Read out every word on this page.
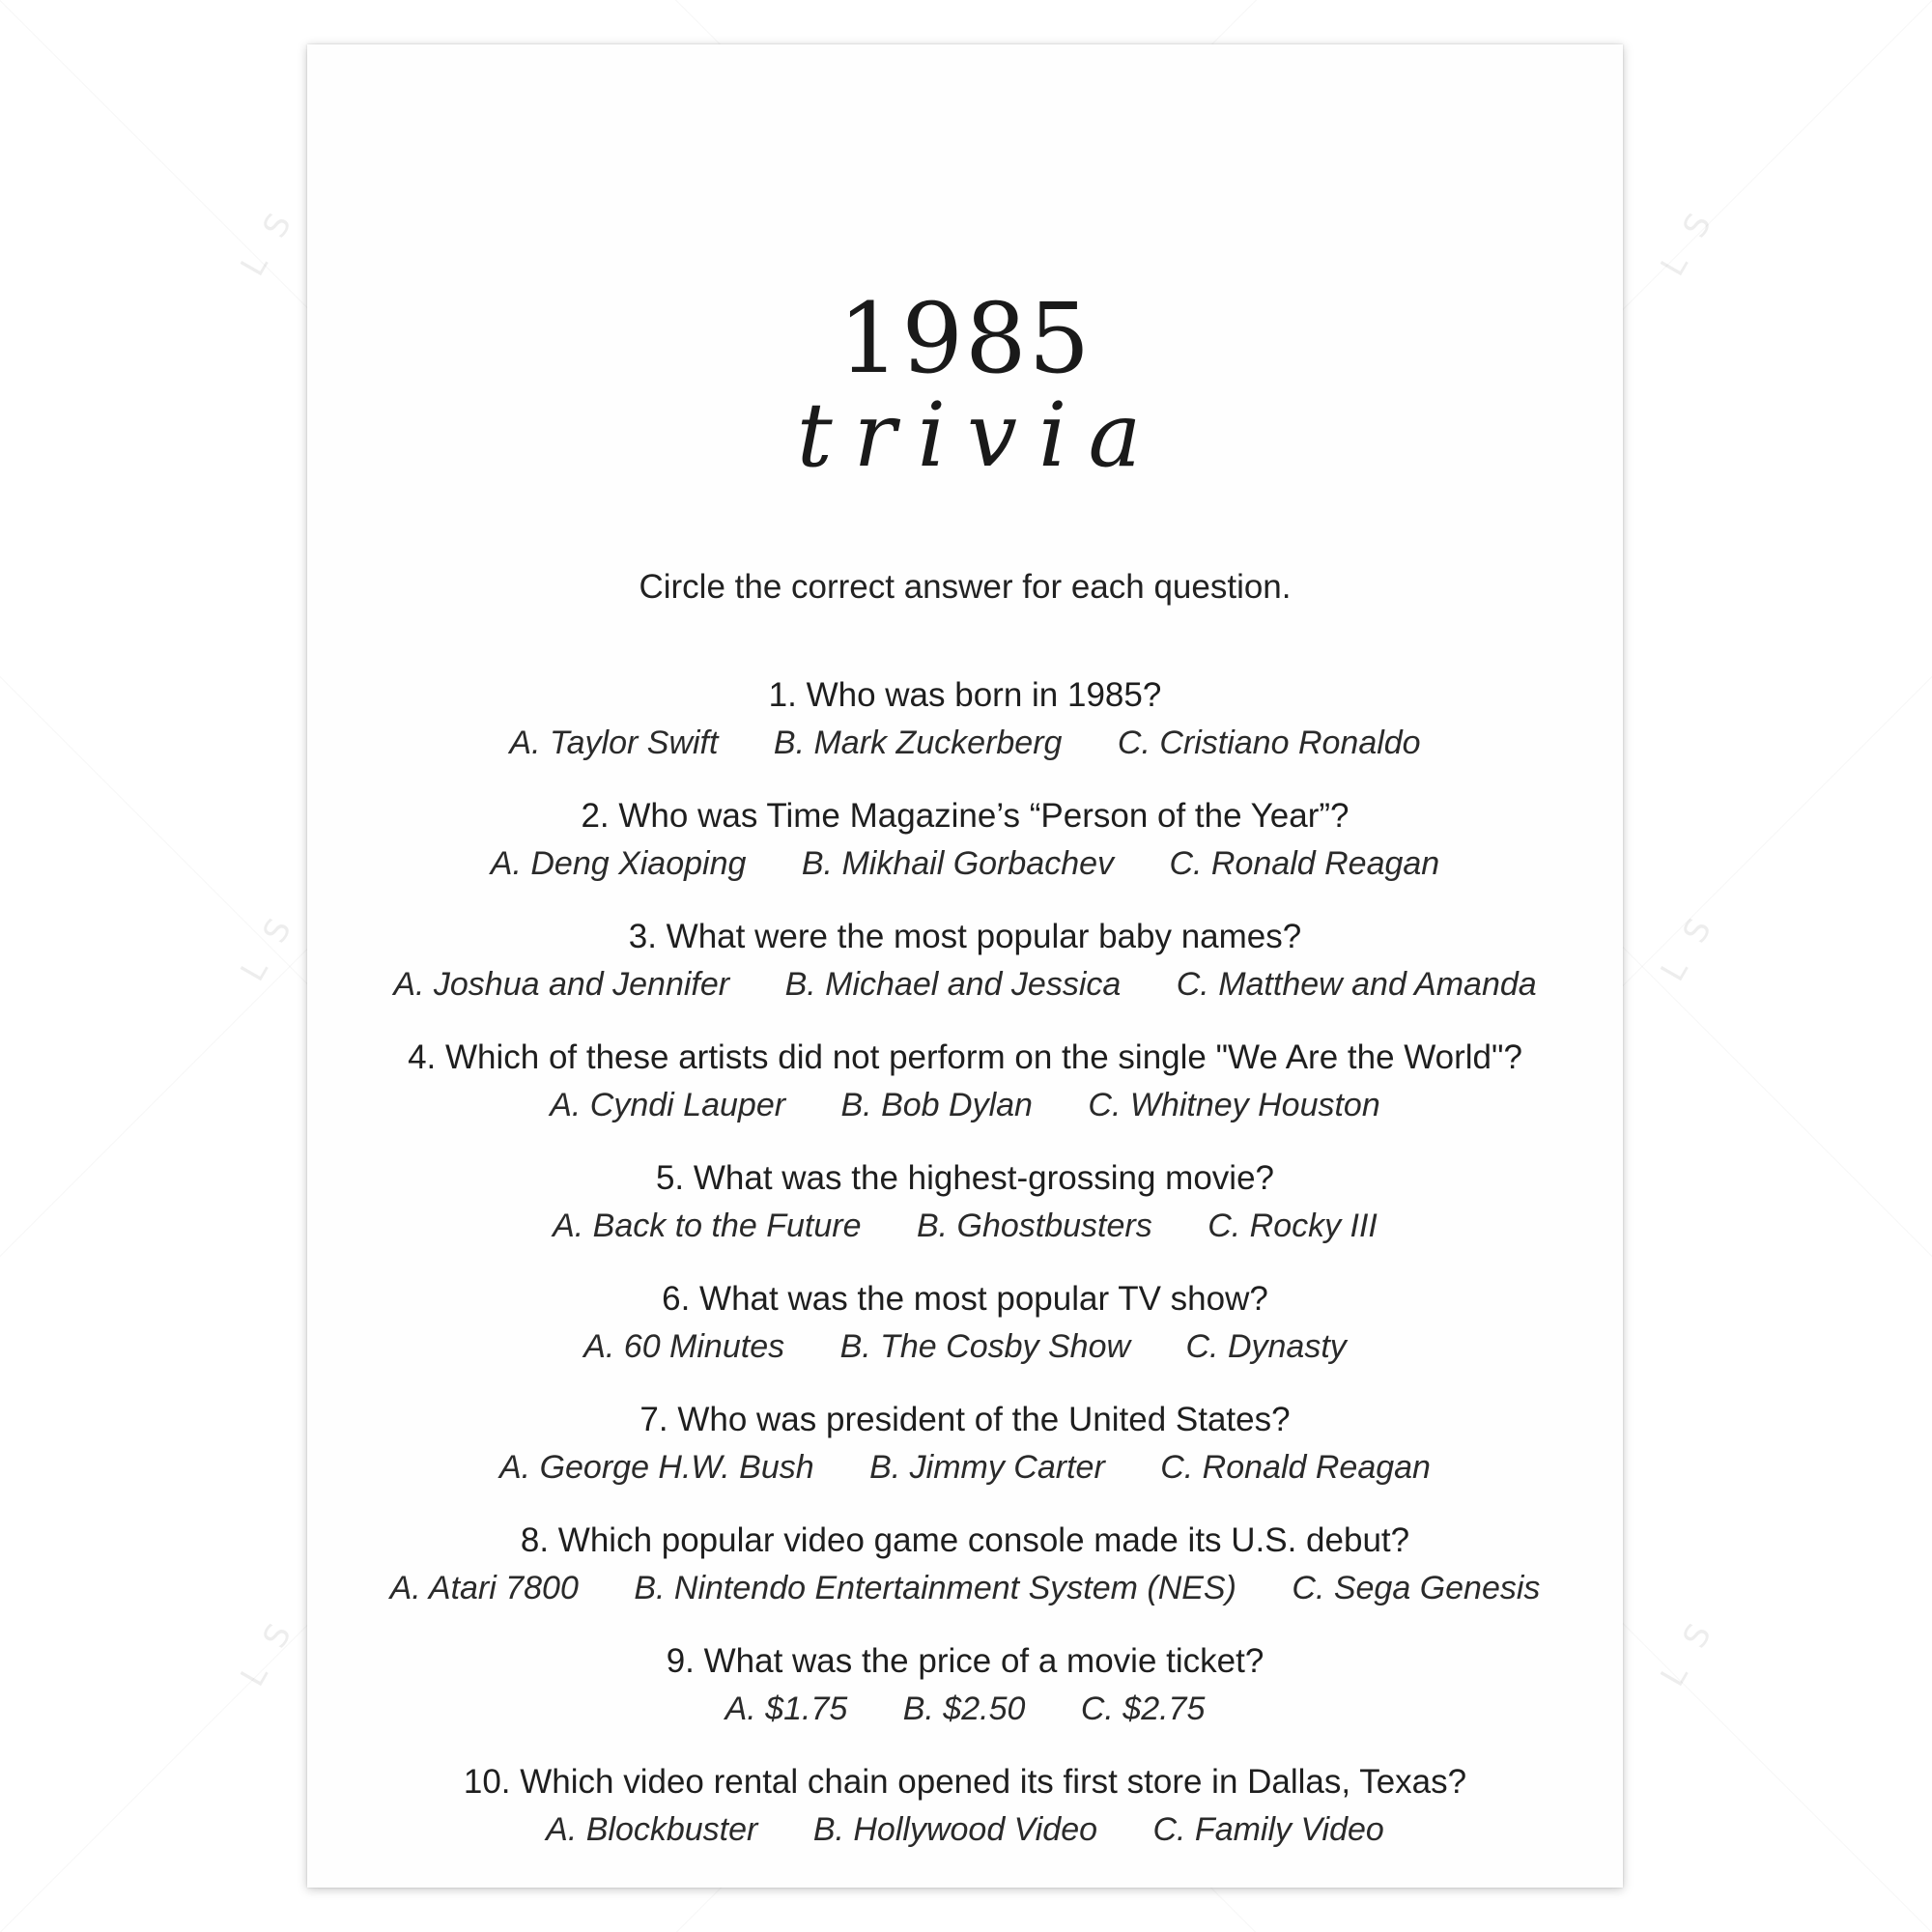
L S	L S
L S	L S
L S	L S
1985
trivia
Circle the correct answer for each question.
1. Who was born in 1985?
A. Taylor Swift B. Mark Zuckerberg C. Cristiano Ronaldo
2. Who was Time Magazine’s “Person of the Year”?
A. Deng Xiaoping B. Mikhail Gorbachev C. Ronald Reagan
3. What were the most popular baby names?
A. Joshua and Jennifer B. Michael and Jessica C. Matthew and Amanda
4. Which of these artists did not perform on the single "We Are the World"?
A. Cyndi Lauper B. Bob Dylan C. Whitney Houston
5. What was the highest-grossing movie?
A. Back to the Future B. Ghostbusters C. Rocky III
6. What was the most popular TV show?
A. 60 Minutes B. The Cosby Show C. Dynasty
7. Who was president of the United States?
A. George H.W. Bush B. Jimmy Carter C. Ronald Reagan
8. Which popular video game console made its U.S. debut?
A. Atari 7800 B. Nintendo Entertainment System (NES) C. Sega Genesis
9. What was the price of a movie ticket?
A. $1.75 B. $2.50 C. $2.75
10. Which video rental chain opened its first store in Dallas, Texas?
A. Blockbuster B. Hollywood Video C. Family Video
